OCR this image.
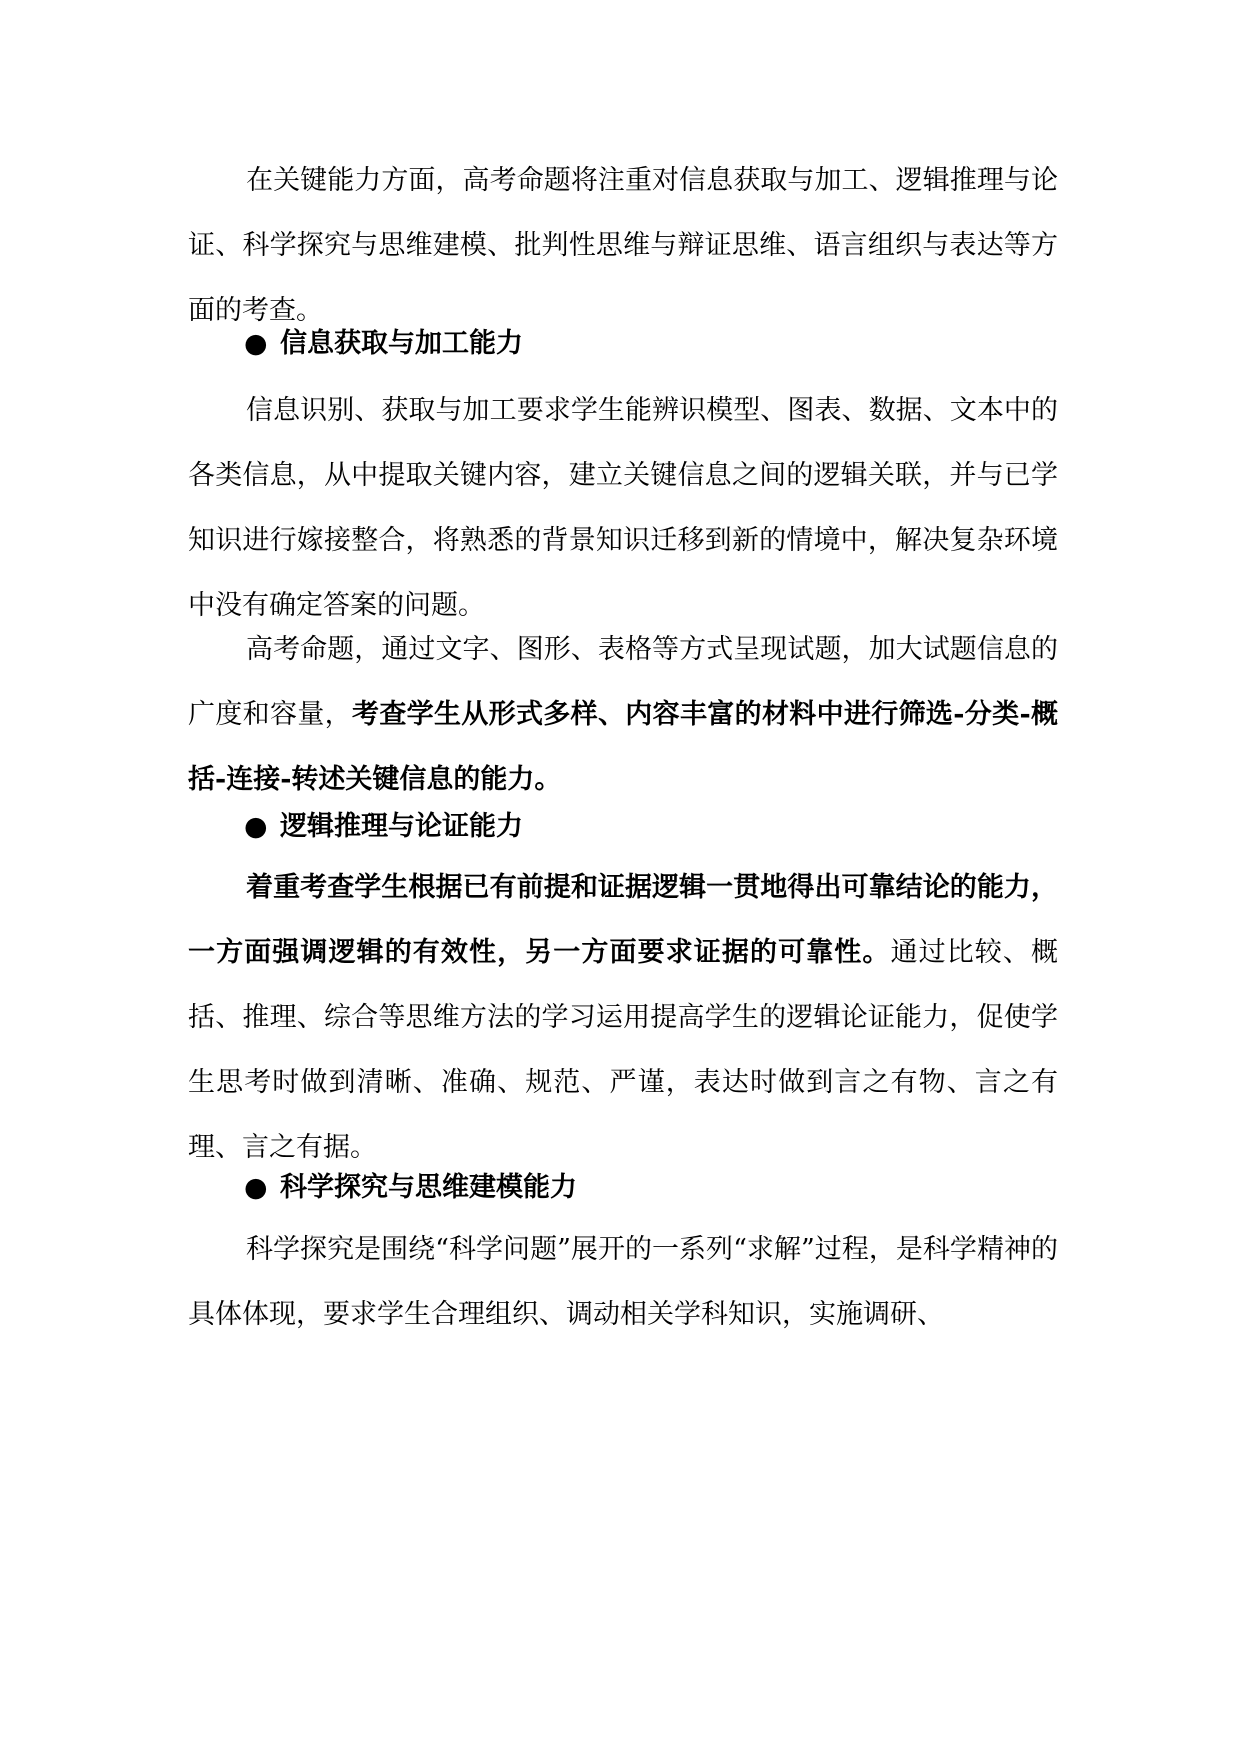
在关键能力方面，高考命题将注重对信息获取与加工、逻辑推理与论证、科学探究与思维建模、批判性思维与辩证思维、语言组织与表达等方面的考查。

● 信息获取与加工能力

信息识别、获取与加工要求学生能辨识模型、图表、数据、文本中的各类信息，从中提取关键内容，建立关键信息之间的逻辑关联，并与已学知识进行嫁接整合，将熟悉的背景知识迁移到新的情境中，解决复杂环境中没有确定答案的问题。

高考命题，通过文字、图形、表格等方式呈现试题，加大试题信息的广度和容量，考查学生从形式多样、内容丰富的材料中进行筛选-分类-概括-连接-转述关键信息的能力。

● 逻辑推理与论证能力

着重考查学生根据已有前提和证据逻辑一贯地得出可靠结论的能力，一方面强调逻辑的有效性，另一方面要求证据的可靠性。通过比较、概括、推理、综合等思维方法的学习运用提高学生的逻辑论证能力，促使学生思考时做到清晰、准确、规范、严谨，表达时做到言之有物、言之有理、言之有据。

● 科学探究与思维建模能力

科学探究是围绕“科学问题”展开的一系列“求解”过程，是科学精神的具体体现，要求学生合理组织、调动相关学科知识，实施调研、
